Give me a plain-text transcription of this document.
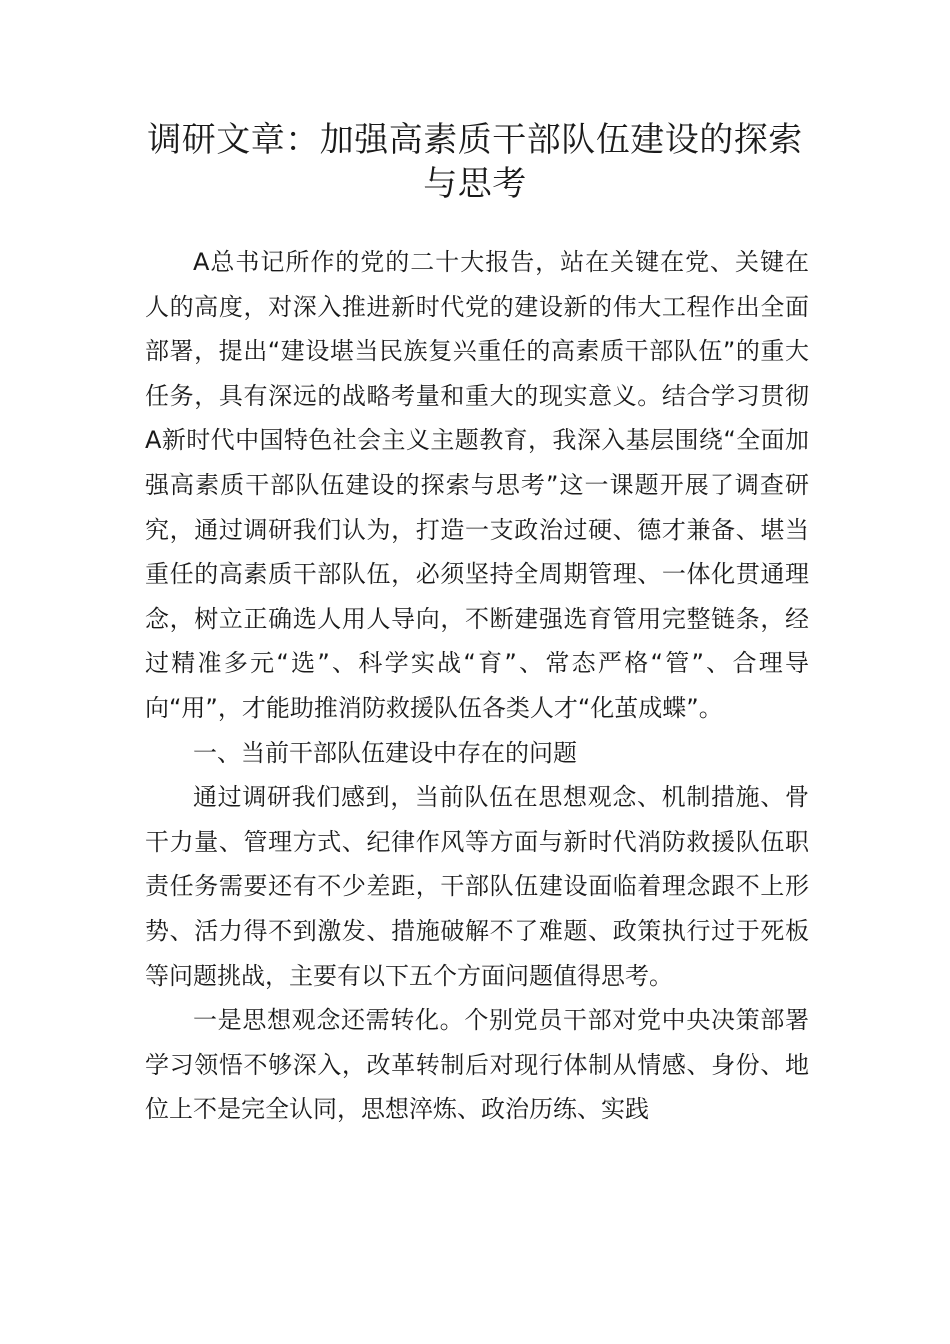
调研文章：加强高素质干部队伍建设的探索与思考

A总书记所作的党的二十大报告，站在关键在党、关键在人的高度，对深入推进新时代党的建设新的伟大工程作出全面部署，提出“建设堪当民族复兴重任的高素质干部队伍”的重大任务，具有深远的战略考量和重大的现实意义。结合学习贯彻A新时代中国特色社会主义主题教育，我深入基层围绕“全面加强高素质干部队伍建设的探索与思考”这一课题开展了调查研究，通过调研我们认为，打造一支政治过硬、德才兼备、堪当重任的高素质干部队伍，必须坚持全周期管理、一体化贯通理念，树立正确选人用人导向，不断建强选育管用完整链条，经过精准多元“选”、科学实战“育”、常态严格“管”、合理导向“用”，才能助推消防救援队伍各类人才“化茧成蝶”。

一、当前干部队伍建设中存在的问题

通过调研我们感到，当前队伍在思想观念、机制措施、骨干力量、管理方式、纪律作风等方面与新时代消防救援队伍职责任务需要还有不少差距，干部队伍建设面临着理念跟不上形势、活力得不到激发、措施破解不了难题、政策执行过于死板等问题挑战，主要有以下五个方面问题值得思考。

一是思想观念还需转化。个别党员干部对党中央决策部署学习领悟不够深入，改革转制后对现行体制从情感、身份、地位上不是完全认同，思想淬炼、政治历练、实践
